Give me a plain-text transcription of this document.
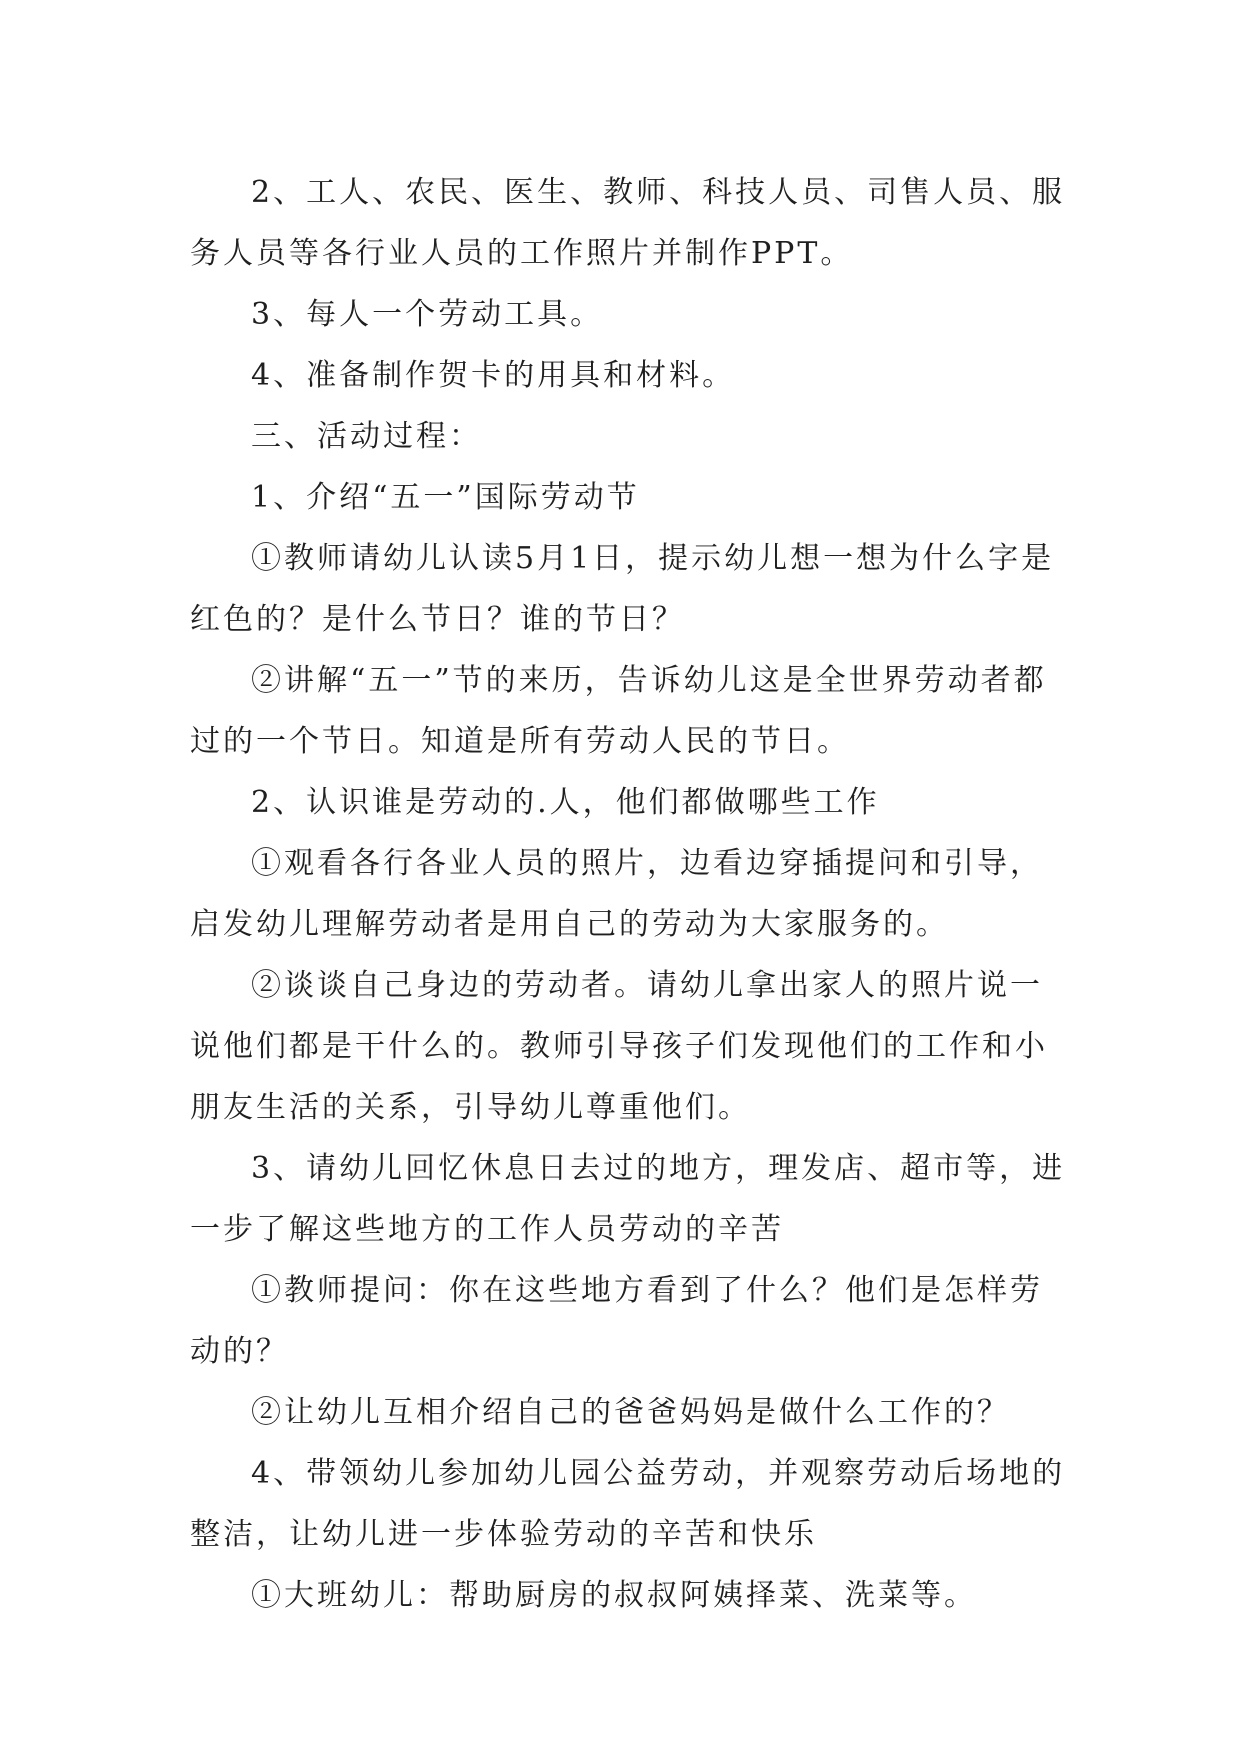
2、工人、农民、医生、教师、科技人员、司售人员、服务人员等各行业人员的工作照片并制作PPT。

3、每人一个劳动工具。

4、准备制作贺卡的用具和材料。

三、活动过程：

1、介绍“五一”国际劳动节

①教师请幼儿认读5月1日，提示幼儿想一想为什么字是红色的？是什么节日？谁的节日？

②讲解“五一”节的来历，告诉幼儿这是全世界劳动者都过的一个节日。知道是所有劳动人民的节日。

2、认识谁是劳动的.人，他们都做哪些工作

①观看各行各业人员的照片，边看边穿插提问和引导，启发幼儿理解劳动者是用自己的劳动为大家服务的。

②谈谈自己身边的劳动者。请幼儿拿出家人的照片说一说他们都是干什么的。教师引导孩子们发现他们的工作和小朋友生活的关系，引导幼儿尊重他们。

3、请幼儿回忆休息日去过的地方，理发店、超市等，进一步了解这些地方的工作人员劳动的辛苦

①教师提问：你在这些地方看到了什么？他们是怎样劳动的？

②让幼儿互相介绍自己的爸爸妈妈是做什么工作的？

4、带领幼儿参加幼儿园公益劳动，并观察劳动后场地的整洁，让幼儿进一步体验劳动的辛苦和快乐

①大班幼儿：帮助厨房的叔叔阿姨择菜、洗菜等。
